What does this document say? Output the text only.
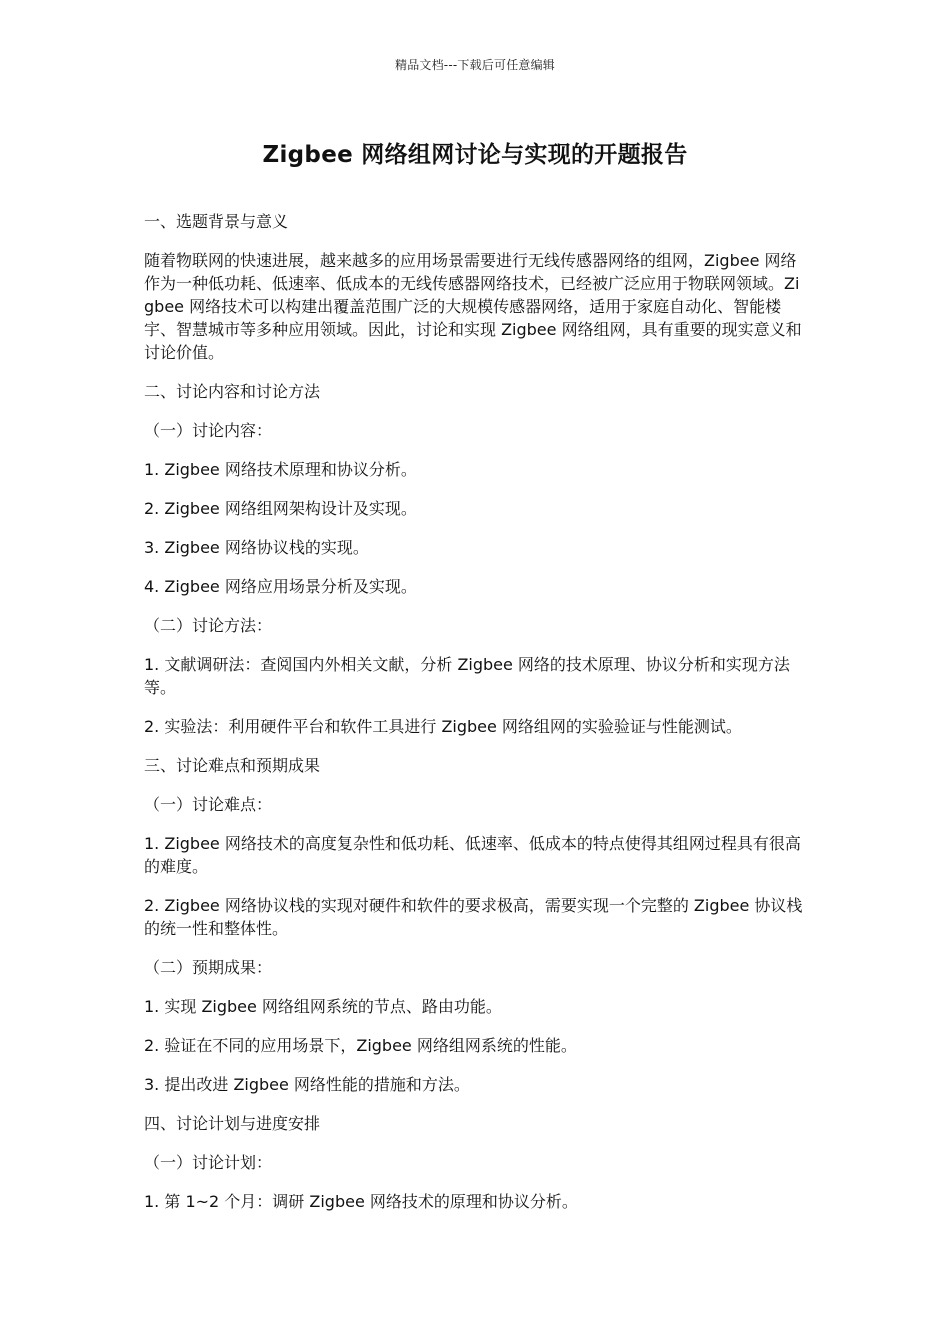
精品文档---下载后可任意编辑
Zigbee 网络组网讨论与实现的开题报告

一、选题背景与意义

随着物联网的快速进展，越来越多的应用场景需要进行无线传感器网络的组网，Zigbee 网络作为一种低功耗、低速率、低成本的无线传感器网络技术，已经被广泛应用于物联网领域。Zigbee 网络技术可以构建出覆盖范围广泛的大规模传感器网络，适用于家庭自动化、智能楼宇、智慧城市等多种应用领域。因此，讨论和实现 Zigbee 网络组网，具有重要的现实意义和讨论价值。

二、讨论内容和讨论方法

（一）讨论内容：

1. Zigbee 网络技术原理和协议分析。

2. Zigbee 网络组网架构设计及实现。

3. Zigbee 网络协议栈的实现。

4. Zigbee 网络应用场景分析及实现。

（二）讨论方法：

1. 文献调研法：查阅国内外相关文献，分析 Zigbee 网络的技术原理、协议分析和实现方法等。

2. 实验法：利用硬件平台和软件工具进行 Zigbee 网络组网的实验验证与性能测试。

三、讨论难点和预期成果

（一）讨论难点：

1. Zigbee 网络技术的高度复杂性和低功耗、低速率、低成本的特点使得其组网过程具有很高的难度。

2. Zigbee 网络协议栈的实现对硬件和软件的要求极高，需要实现一个完整的 Zigbee 协议栈的统一性和整体性。

（二）预期成果：

1. 实现 Zigbee 网络组网系统的节点、路由功能。

2. 验证在不同的应用场景下，Zigbee 网络组网系统的性能。

3. 提出改进 Zigbee 网络性能的措施和方法。

四、讨论计划与进度安排

（一）讨论计划：

1. 第 1~2 个月：调研 Zigbee 网络技术的原理和协议分析。
